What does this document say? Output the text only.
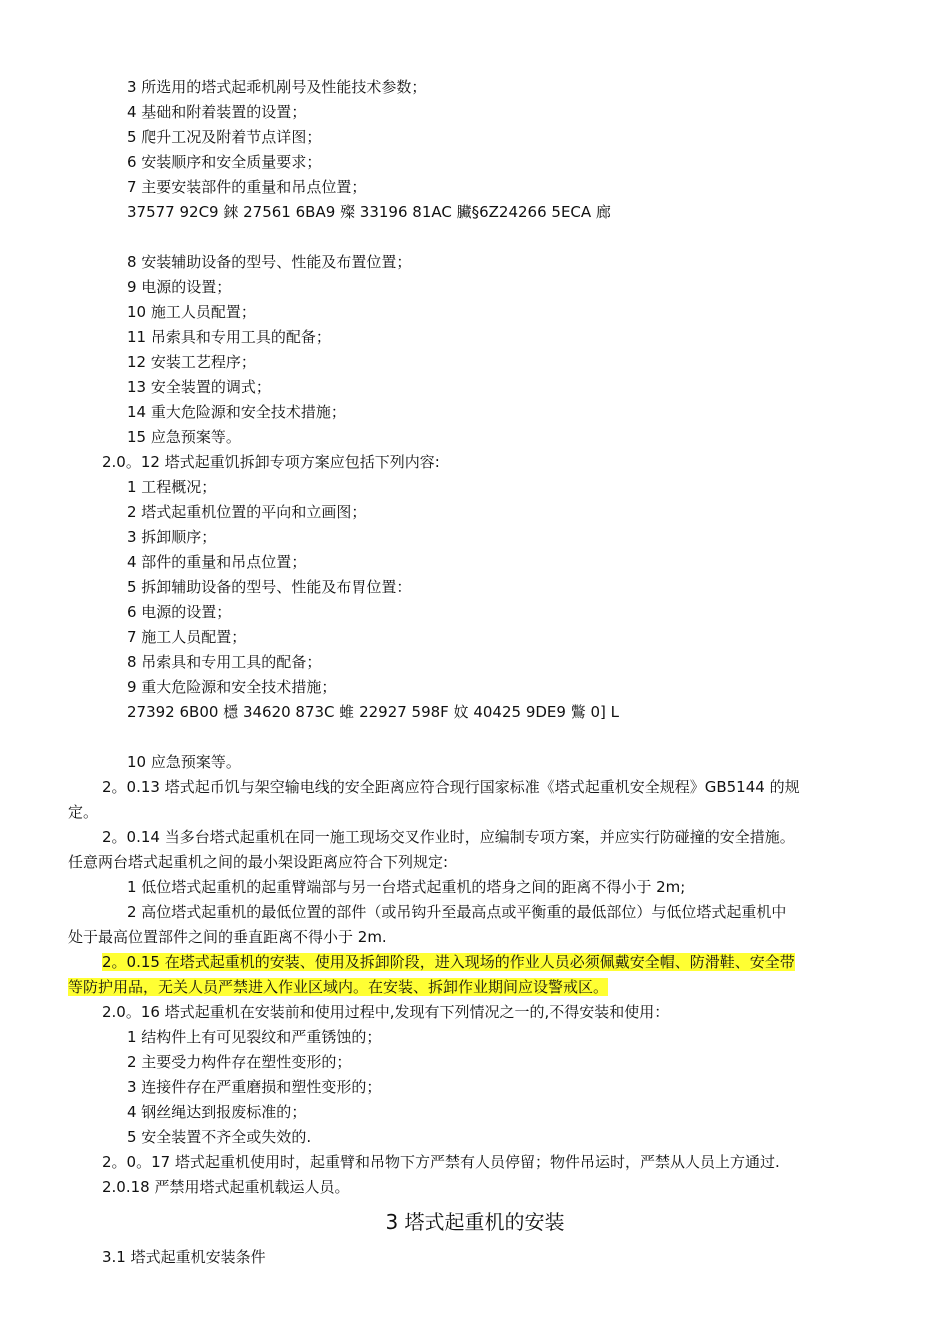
3 所选用的塔式起乖机剐号及性能技术参数；
4 基础和附着装置的设置；
5 爬升工况及附着节点详图；
6 安装顺序和安全质量要求；
7 主要安装部件的重量和吊点位置；
37577 92C9 錸 27561 6BA9 殩 33196 81AC 臟§6Z24266 5ECA 廊
8 安装辅助设备的型号、性能及布置位置；
9 电源的设置；
10 施工人员配置；
11 吊索具和专用工具的配备；
12 安装工艺程序；
13 安全装置的调式；
14 重大危险源和安全技术措施；
15 应急预案等。
2.0。12 塔式起重饥拆卸专项方案应包括下列内容:
1 工程概况；
2 塔式起重机位置的平向和立画图；
3 拆卸顺序；
4 部件的重量和吊点位置；
5 拆卸辅助设备的型号、性能及布胃位置：
6 电源的设置；
7 施工人员配置；
8 吊索具和专用工具的配备；
9 重大危险源和安全技术措施；
27392 6B00 檼 34620 873C 蜼 22927 598F 妏 40425 9DE9 鷩 0] L
10 应急预案等。
2。0.13 塔式起币饥与架空输电线的安全距离应符合现行国家标准《塔式起重机安全规程》GB5144 的规
定。
2。0.14 当多台塔式起重机在同一施工现场交叉作业时，应编制专项方案，并应实行防碰撞的安全措施。
任意两台塔式起重机之间的最小架设距离应符合下列规定:
1 低位塔式起重机的起重臂端部与另一台塔式起重机的塔身之间的距离不得小于 2m;
2 高位塔式起重机的最低位置的部件（或吊钩升至最高点或平衡重的最低部位）与低位塔式起重机中
处于最高位置部件之间的垂直距离不得小于 2m.
2。0.15 在塔式起重机的安装、使用及拆卸阶段，进入现场的作业人员必须佩戴安全帽、防滑鞋、安全带
等防护用品，无关人员严禁进入作业区域内。在安装、拆卸作业期间应设警戒区。
2.0。16 塔式起重机在安装前和使用过程中,发现有下列情况之一的,不得安装和使用：
1 结构件上有可见裂纹和严重锈蚀的；
2 主要受力构件存在塑性变形的；
3 连接件存在严重磨损和塑性变形的；
4 钢丝绳达到报废标准的；
5 安全装置不齐全或失效的.
2。0。17 塔式起重机使用时，起重臂和吊物下方严禁有人员停留；物件吊运时，严禁从人员上方通过.
2.0.18 严禁用塔式起重机载运人员。
3 塔式起重机的安装
3.1 塔式起重机安装条件
